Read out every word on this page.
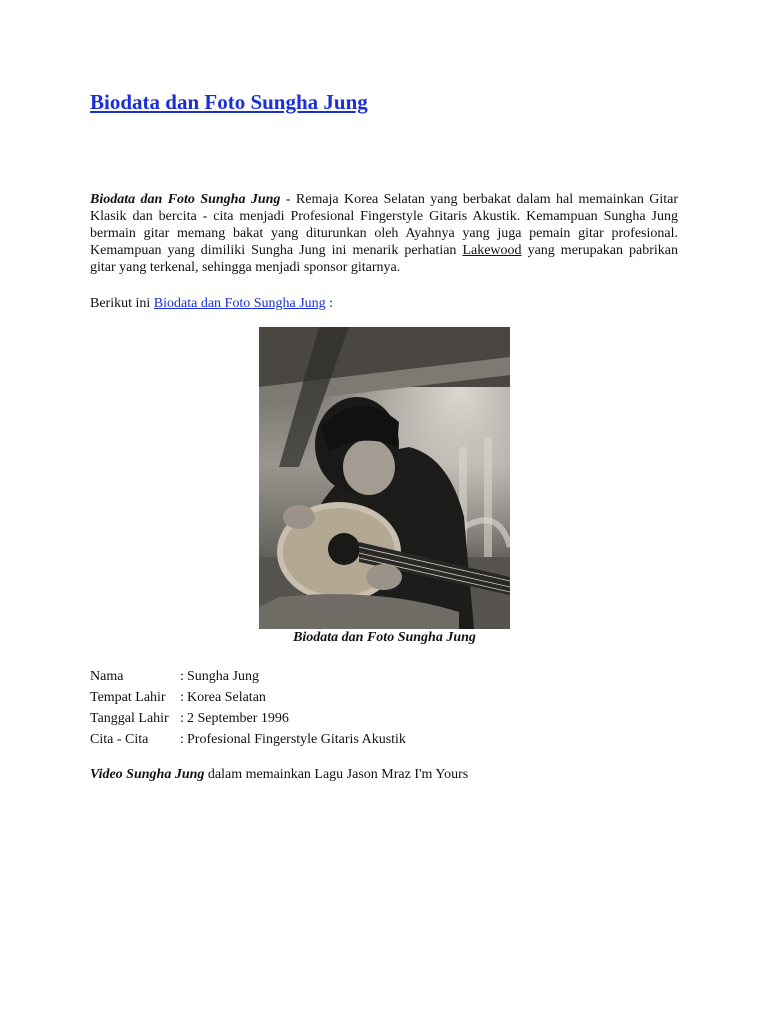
Biodata dan Foto Sungha Jung

Biodata dan Foto Sungha Jung - Remaja Korea Selatan yang berbakat dalam hal memainkan Gitar Klasik dan bercita - cita menjadi Profesional Fingerstyle Gitaris Akustik. Kemampuan Sungha Jung bermain gitar memang bakat yang diturunkan oleh Ayahnya yang juga pemain gitar profesional. Kemampuan yang dimiliki Sungha Jung ini menarik perhatian Lakewood yang merupakan pabrikan gitar yang terkenal, sehingga menjadi sponsor gitarnya.

Berikut ini Biodata dan Foto Sungha Jung :

Biodata dan Foto Sungha Jung
Nama	: Sungha Jung
Tempat Lahir	: Korea Selatan
Tanggal Lahir : 2 September 1996
Cita - Cita	: Profesional Fingerstyle Gitaris Akustik

Video Sungha Jung dalam memainkan Lagu Jason Mraz I'm Yours
